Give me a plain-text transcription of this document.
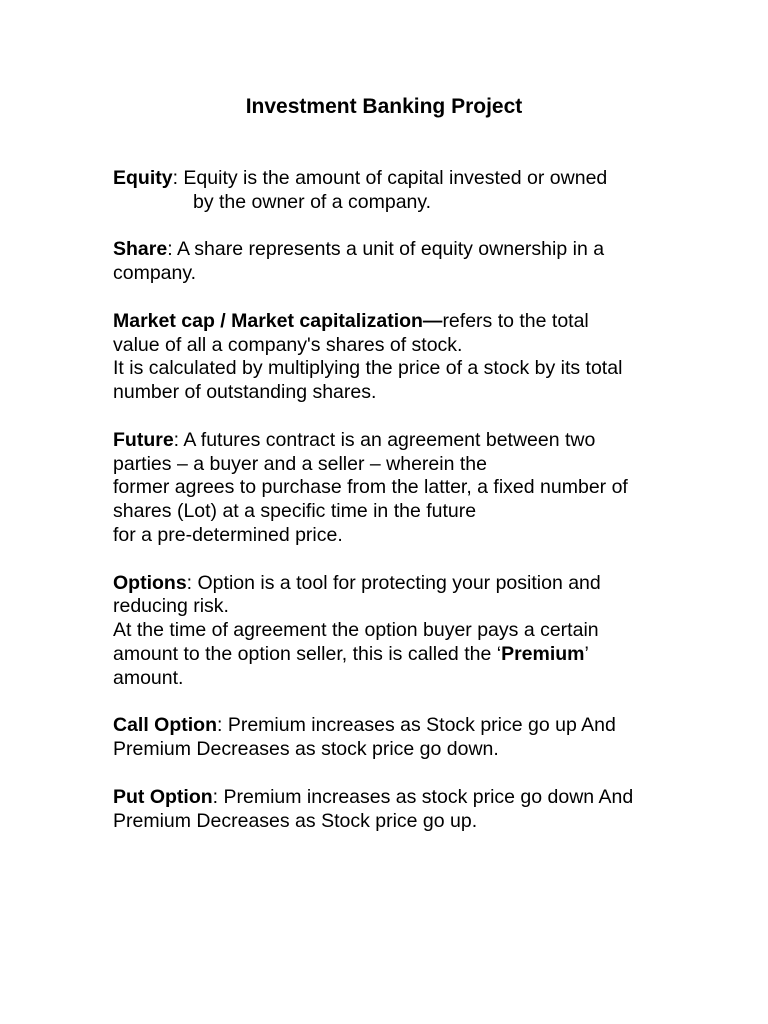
Investment Banking Project

Equity: Equity is the amount of capital invested or owned

by the owner of a company.

Share: A share represents a unit of equity ownership in a

company.

Market cap / Market capitalization—refers to the total

value of all a company's shares of stock.

It is calculated by multiplying the price of a stock by its total

number of outstanding shares.

Future: A futures contract is an agreement between two

parties – a buyer and a seller – wherein the

former agrees to purchase from the latter, a fixed number of

shares (Lot) at a specific time in the future

for a pre-determined price.

Options: Option is a tool for protecting your position and

reducing risk.

At the time of agreement the option buyer pays a certain

amount to the option seller, this is called the ‘Premium’

amount.

Call Option: Premium increases as Stock price go up And

Premium Decreases as stock price go down.

Put Option: Premium increases as stock price go down And

Premium Decreases as Stock price go up.
